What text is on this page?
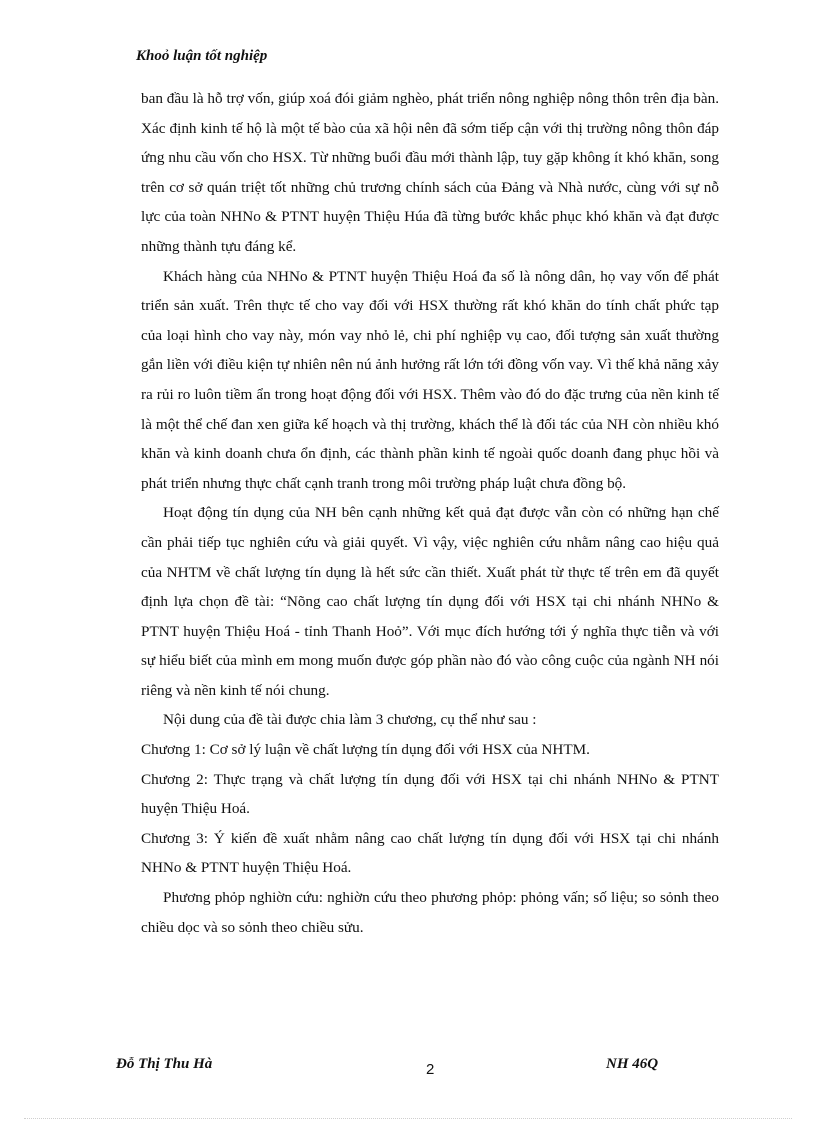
Khoỏ luận tốt nghiệp

ban đầu là hỗ trợ vốn, giúp xoá đói giảm nghèo, phát triển nông nghiệp nông thôn trên địa bàn. Xác định kinh tế hộ là một tế bào của xã hội nên đã sớm tiếp cận với thị trường nông thôn đáp ứng nhu cầu vốn cho HSX. Từ những buổi đầu mới thành lập, tuy gặp không ít khó khăn, song trên cơ sở quán triệt tốt những chủ trương chính sách của Đảng và Nhà nước, cùng với sự nỗ lực của toàn NHNo & PTNT huyện Thiệu Húa đã từng bước khắc phục khó khăn và đạt được những thành tựu đáng kể.

Khách hàng của NHNo & PTNT huyện Thiệu Hoá đa số là nông dân, họ vay vốn để phát triển sản xuất. Trên thực tế cho vay đối với HSX thường rất khó khăn do tính chất phức tạp của loại hình cho vay này, món vay nhỏ lẻ, chi phí nghiệp vụ cao, đối tượng sản xuất thường gắn liền với điều kiện tự nhiên nên nú ảnh hưởng rất lớn tới đồng vốn vay. Vì thế khả năng xảy ra rủi ro luôn tiềm ẩn trong hoạt động đối với HSX. Thêm vào đó do đặc trưng của nền kinh tế là một thể chế đan xen giữa kế hoạch và thị trường, khách thể là đối tác của NH còn nhiều khó khăn và kinh doanh chưa ổn định, các thành phần kinh tế ngoài quốc doanh đang phục hồi và phát triển nhưng thực chất cạnh tranh trong môi trường pháp luật chưa đồng bộ.

Hoạt động tín dụng của NH bên cạnh những kết quả đạt được vẫn còn có những hạn chế cần phải tiếp tục nghiên cứu và giải quyết. Vì vậy, việc nghiên cứu nhằm nâng cao hiệu quả của NHTM về chất lượng tín dụng là hết sức cần thiết. Xuất phát từ thực tế trên em đã quyết định lựa chọn đề tài: “Nõng cao chất lượng tín dụng đối với HSX tại chi nhánh NHNo & PTNT huyện Thiệu Hoá - tỉnh Thanh Hoỏ”. Với mục đích hướng tới ý nghĩa thực tiễn và với sự hiểu biết của mình em mong muốn được góp phần nào đó vào công cuộc của ngành NH nói riêng và nền kinh tế nói chung.

Nội dung của đề tài được chia làm 3 chương, cụ thể như sau :

Chương 1: Cơ sở lý luận về chất lượng tín dụng đối với HSX của NHTM.

Chương 2: Thực trạng và chất lượng tín dụng đối với HSX tại chi nhánh NHNo & PTNT huyện Thiệu Hoá.

Chương 3: Ý kiến đề xuất nhằm nâng cao chất lượng tín dụng đối với HSX tại chi nhánh NHNo & PTNT huyện Thiệu Hoá.

Phương phỏp nghiờn cứu: nghiờn cứu theo phương phỏp: phỏng vấn; số liệu; so sỏnh theo chiều dọc và so sỏnh theo chiều sửu.

Đỗ Thị Thu Hà	2	NH 46Q
